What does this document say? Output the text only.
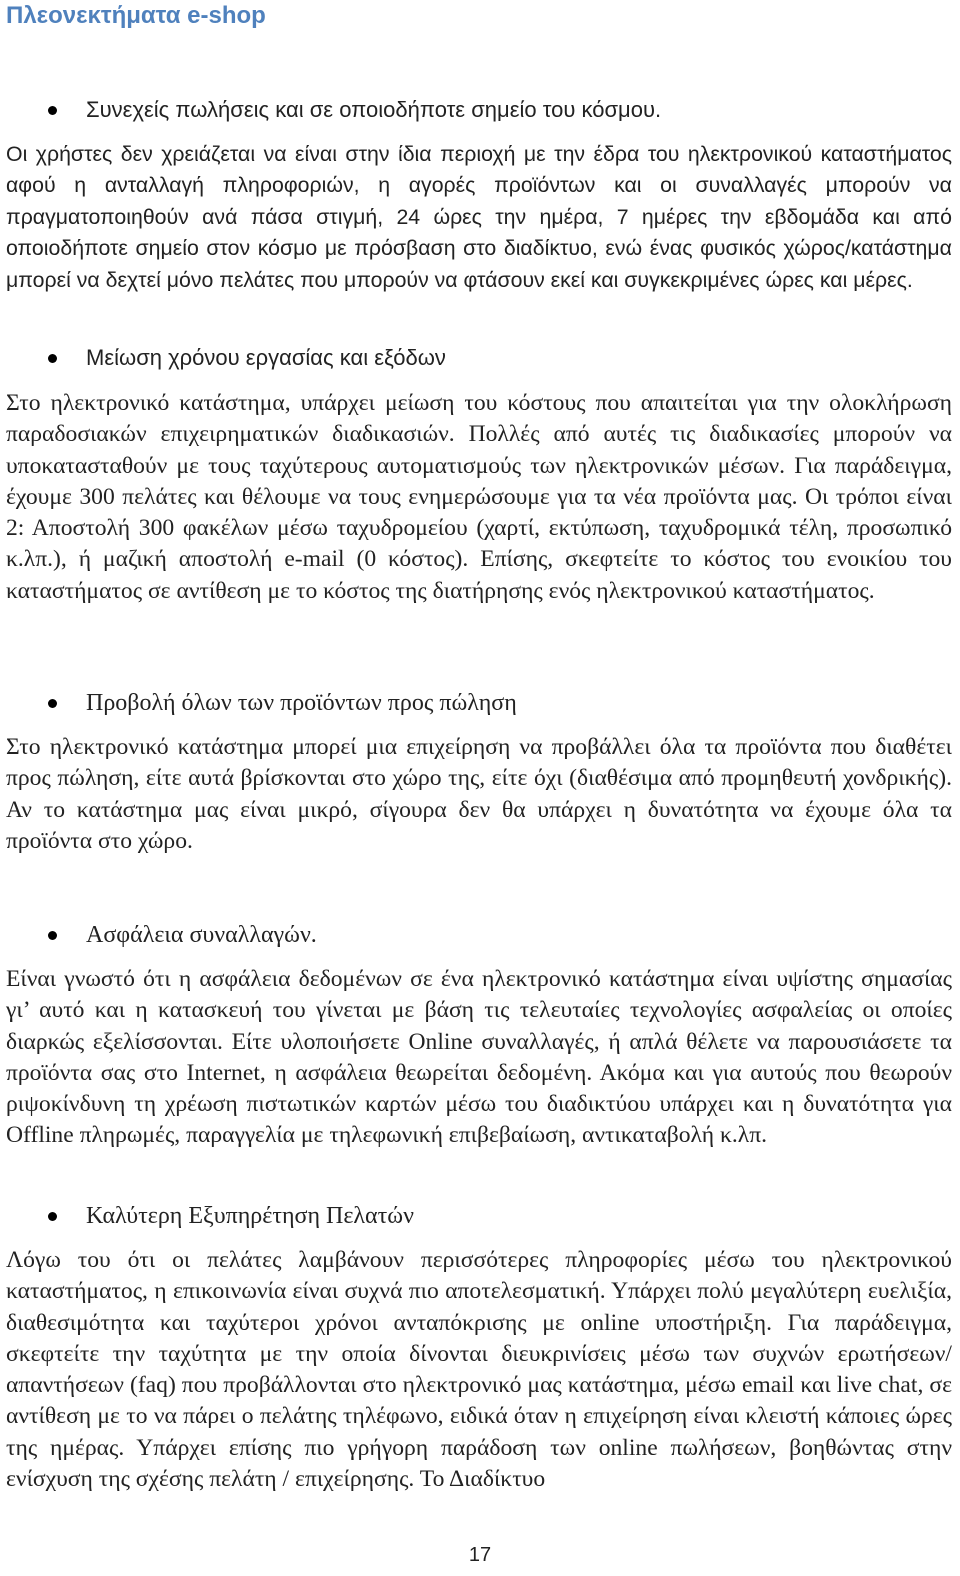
Πλεονεκτήματα e-shop
Συνεχείς πωλήσεις και σε οποιοδήποτε σημείο του κόσμου.

Οι χρήστες δεν χρειάζεται να είναι στην ίδια περιοχή με την έδρα του ηλεκτρονικού καταστήματος αφού η ανταλλαγή πληροφοριών, η αγορές προϊόντων και οι συναλλαγές μπορούν να πραγματοποιηθούν ανά πάσα στιγμή, 24 ώρες την ημέρα, 7 ημέρες την εβδομάδα και από οποιοδήποτε σημείο στον κόσμο με πρόσβαση στο διαδίκτυο, ενώ ένας φυσικός χώρος/κατάστημα μπορεί να δεχτεί μόνο πελάτες που μπορούν να φτάσουν εκεί και συγκεκριμένες ώρες και μέρες.

Μείωση χρόνου εργασίας και εξόδων

Στο ηλεκτρονικό κατάστημα, υπάρχει μείωση του κόστους που απαιτείται για την ολοκλήρωση παραδοσιακών επιχειρηματικών διαδικασιών. Πολλές από αυτές τις διαδικασίες μπορούν να υποκατασταθούν με τους ταχύτερους αυτοματισμούς των ηλεκτρονικών μέσων. Για παράδειγμα, έχουμε 300 πελάτες και θέλουμε να τους ενημερώσουμε για τα νέα προϊόντα μας. Οι τρόποι είναι 2: Αποστολή 300 φακέλων μέσω ταχυδρομείου (χαρτί, εκτύπωση, ταχυδρομικά τέλη, προσωπικό κ.λπ.), ή μαζική αποστολή e-mail (0 κόστος). Επίσης, σκεφτείτε το κόστος του ενοικίου του καταστήματος σε αντίθεση με το κόστος της διατήρησης ενός ηλεκτρονικού καταστήματος.

Προβολή όλων των προϊόντων προς πώληση

Στο ηλεκτρονικό κατάστημα μπορεί μια επιχείρηση να προβάλλει όλα τα προϊόντα που διαθέτει προς πώληση, είτε αυτά βρίσκονται στο χώρο της, είτε όχι (διαθέσιμα από προμηθευτή χονδρικής). Αν το κατάστημα μας είναι μικρό, σίγουρα δεν θα υπάρχει η δυνατότητα να έχουμε όλα τα προϊόντα στο χώρο.

Ασφάλεια συναλλαγών.

Είναι γνωστό ότι η ασφάλεια δεδομένων σε ένα ηλεκτρονικό κατάστημα είναι υψίστης σημασίας γι’ αυτό και η κατασκευή του γίνεται με βάση τις τελευταίες τεχνολογίες ασφαλείας οι οποίες διαρκώς εξελίσσονται. Είτε υλοποιήσετε Online συναλλαγές, ή απλά θέλετε να παρουσιάσετε τα προϊόντα σας στο Internet, η ασφάλεια θεωρείται δεδομένη. Ακόμα και για αυτούς που θεωρούν ριψοκίνδυνη τη χρέωση πιστωτικών καρτών μέσω του διαδικτύου υπάρχει και η δυνατότητα για Offline πληρωμές, παραγγελία με τηλεφωνική επιβεβαίωση, αντικαταβολή κ.λπ.

Καλύτερη Εξυπηρέτηση Πελατών

Λόγω του ότι οι πελάτες λαμβάνουν περισσότερες πληροφορίες μέσω του ηλεκτρονικού καταστήματος, η επικοινωνία είναι συχνά πιο αποτελεσματική. Υπάρχει πολύ μεγαλύτερη ευελιξία, διαθεσιμότητα και ταχύτεροι χρόνοι ανταπόκρισης με online υποστήριξη. Για παράδειγμα, σκεφτείτε την ταχύτητα με την οποία δίνονται διευκρινίσεις μέσω των συχνών ερωτήσεων/απαντήσεων (faq) που προβάλλονται στο ηλεκτρονικό μας κατάστημα, μέσω email και live chat, σε αντίθεση με το να πάρει ο πελάτης τηλέφωνο, ειδικά όταν η επιχείρηση είναι κλειστή κάποιες ώρες της ημέρας. Υπάρχει επίσης πιο γρήγορη παράδοση των online πωλήσεων, βοηθώντας στην ενίσχυση της σχέσης πελάτη / επιχείρησης. Το Διαδίκτυο

17
